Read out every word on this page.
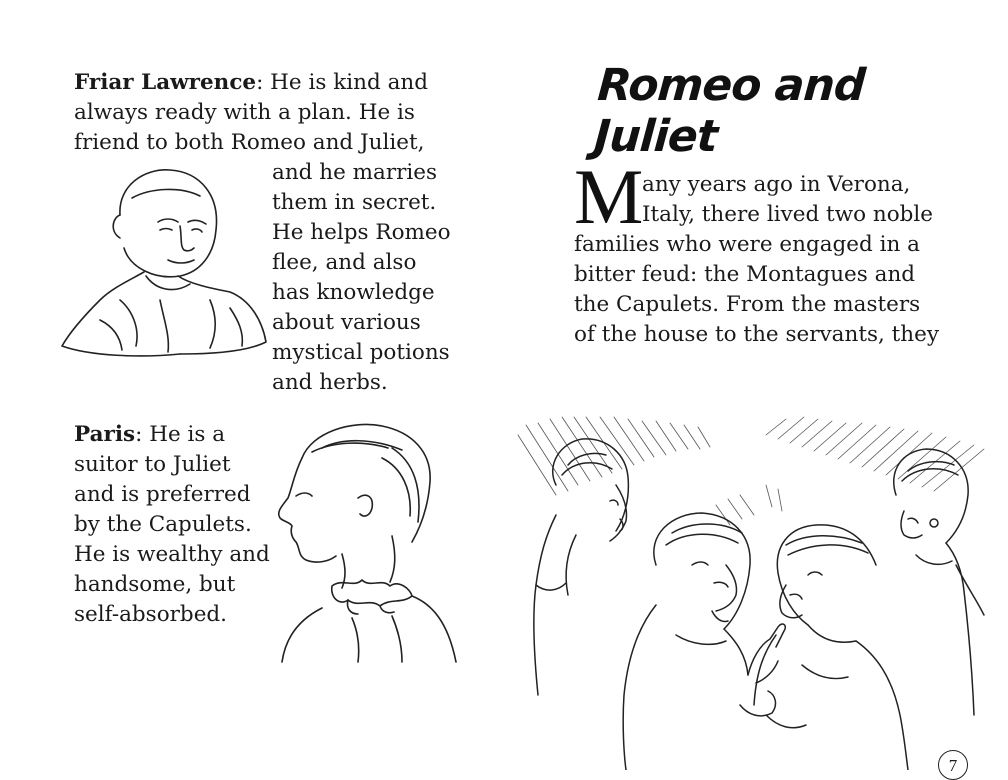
Friar Lawrence: He is kind and
always ready with a plan. He is
friend to both Romeo and Juliet,
and he marries
them in secret.
He helps Romeo
flee, and also
has knowledge
about various
mystical potions
and herbs.
Paris: He is a
suitor to Juliet
and is preferred
by the Capulets.
He is wealthy and
handsome, but
self-absorbed.
Romeo and Juliet
M
any years ago in Verona,
Italy, there lived two noble
families who were engaged in a
bitter feud: the Montagues and
the Capulets. From the masters
of the house to the servants, they
7
